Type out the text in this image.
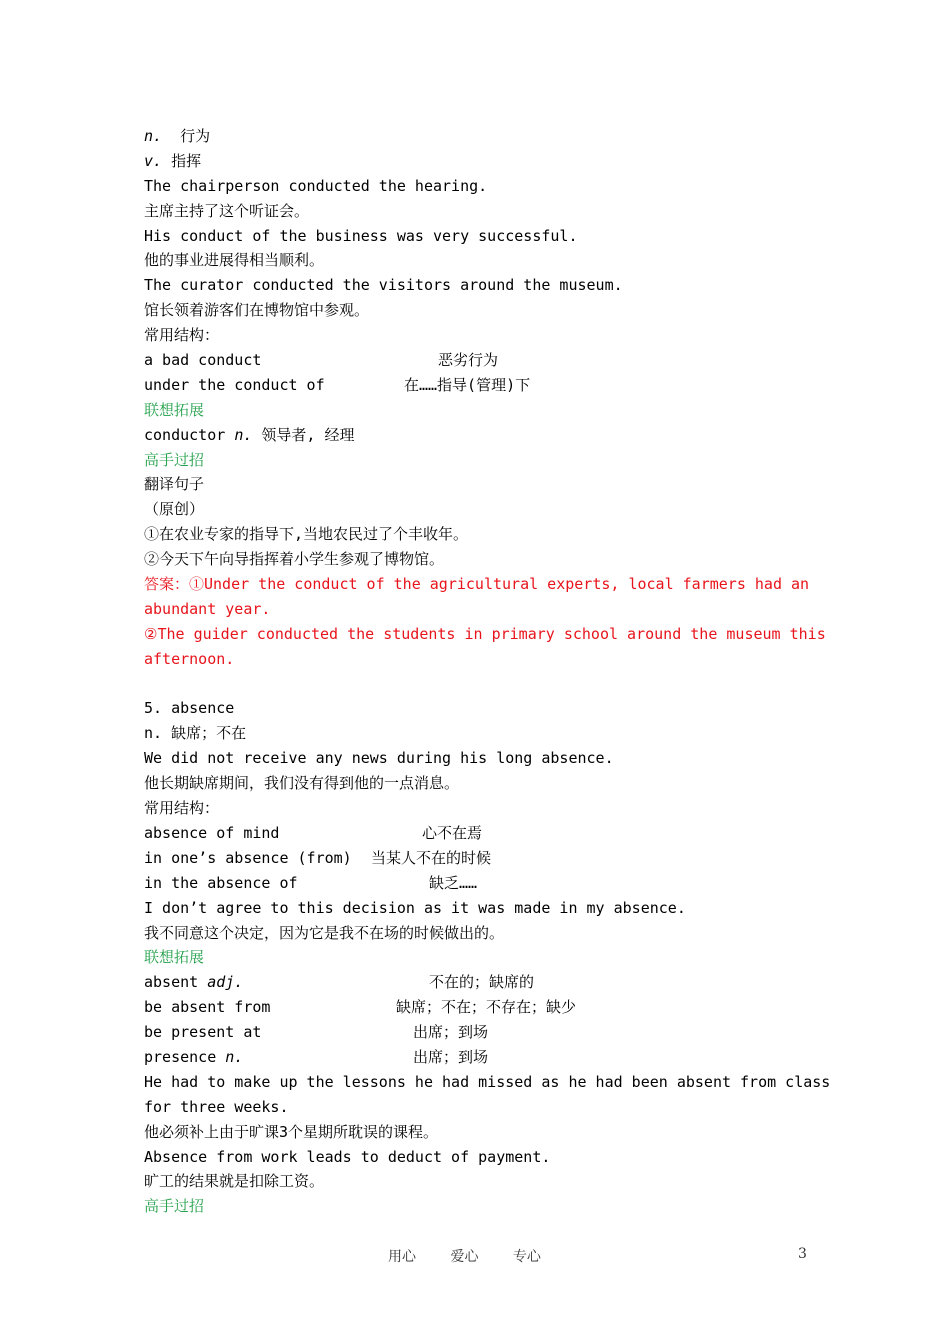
n. 行为
v. 指挥
The chairperson conducted the hearing.
主席主持了这个听证会。
His conduct of the business was very successful.
他的事业进展得相当顺利。
The curator conducted the visitors around the museum.
馆长领着游客们在博物馆中参观。
常用结构：
a bad conduct	恶劣行为
under the conduct of	在……指导(管理)下
联想拓展
conductor n. 领导者, 经理
高手过招
翻译句子
（原创）
①在农业专家的指导下,当地农民过了个丰收年。
②今天下午向导指挥着小学生参观了博物馆。
答案：①Under the conduct of the agricultural experts, local farmers had an
abundant year.
②The guider conducted the students in primary school around the museum this
afternoon.
5. absence
n. 缺席；不在
We did not receive any news during his long absence.
他长期缺席期间，我们没有得到他的一点消息。
常用结构：
absence of mind	心不在焉
in one’s absence (from) 当某人不在的时候
in the absence of	缺乏……
I don’t agree to this decision as it was made in my absence.
我不同意这个决定，因为它是我不在场的时候做出的。
联想拓展
absent adj.	不在的；缺席的
be absent from	缺席；不在；不存在；缺少
be present at	出席；到场
presence n.	出席；到场
He had to make up the lessons he had missed as he had been absent from class
for three weeks.
他必须补上由于旷课3个星期所耽误的课程。
Absence from work leads to deduct of payment.
旷工的结果就是扣除工资。
高手过招
用心 爱心 专心	3
